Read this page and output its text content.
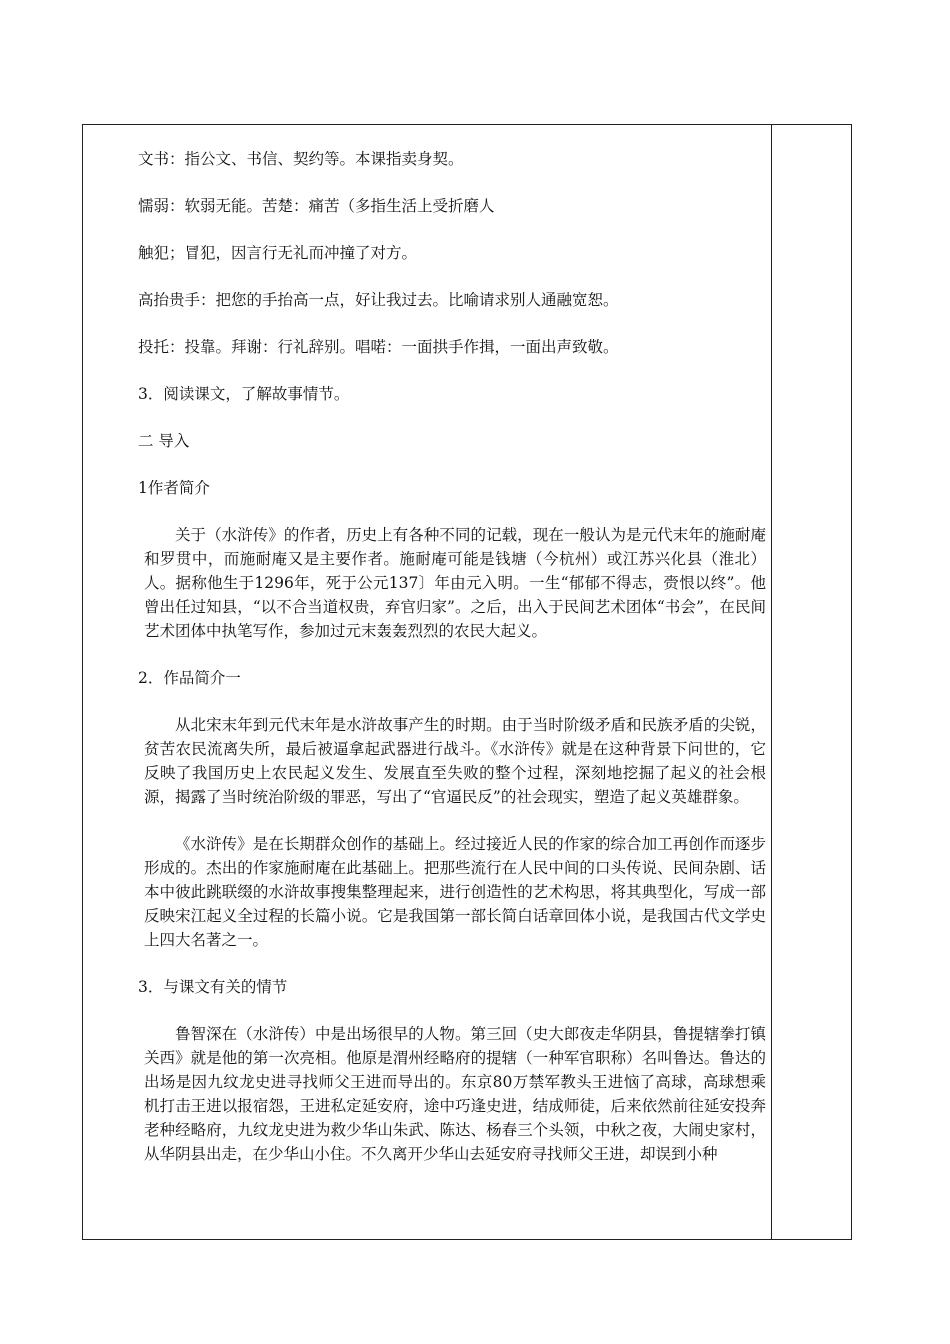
文书：指公文、书信、契约等。本课指卖身契。
懦弱：软弱无能。苦楚：痛苦（多指生活上受折磨人
触犯；冒犯，因言行无礼而冲撞了对方。
高抬贵手：把您的手抬高一点，好让我过去。比喻请求别人通融宽恕。
投托：投靠。拜谢：行礼辞别。唱喏：一面拱手作揖，一面出声致敬。
3．阅读课文，了解故事情节。
二 导入
1作者简介

关于（水浒传》的作者，历史上有各种不同的记载，现在一般认为是元代末年的施耐庵和罗贯中，而施耐庵又是主要作者。施耐庵可能是钱塘（今杭州）或江苏兴化县（淮北）人。据称他生于1296年，死于公元137〕年由元入明。一生“郁郁不得志，赍恨以终”。他曾出任过知县，“以不合当道权贵，弃官归家”。之后，出入于民间艺术团体“书会”，在民间艺术团体中执笔写作，参加过元末轰轰烈烈的农民大起义。

2．作品简介一

从北宋末年到元代末年是水浒故事产生的时期。由于当时阶级矛盾和民族矛盾的尖锐，贫苦农民流离失所，最后被逼拿起武器进行战斗。《水浒传》就是在这种背景下问世的，它反映了我国历史上农民起义发生、发展直至失败的整个过程，深刻地挖掘了起义的社会根源，揭露了当时统治阶级的罪恶，写出了“官逼民反”的社会现实，塑造了起义英雄群象。

《水浒传》是在长期群众创作的基础上。经过接近人民的作家的综合加工再创作而逐步形成的。杰出的作家施耐庵在此基础上。把那些流行在人民中间的口头传说、民间杂剧、话本中彼此跳联缀的水浒故事搜集整理起来，进行创造性的艺术构思，将其典型化，写成一部反映宋江起义全过程的长篇小说。它是我国第一部长简白话章回体小说，是我国古代文学史上四大名著之一。

3．与课文有关的情节

鲁智深在（水浒传）中是出场很早的人物。第三回（史大郎夜走华阴县，鲁提辖拳打镇关西》就是他的第一次亮相。他原是渭州经略府的提辖（一种军官职称）名叫鲁达。鲁达的出场是因九纹龙史进寻找师父王进而导出的。东京80万禁军教头王进恼了高球，高球想乘机打击王进以报宿怨，王进私定延安府，途中巧逢史进，结成师徒，后来依然前往延安投奔老种经略府，九纹龙史进为救少华山朱武、陈达、杨春三个头领，中秋之夜，大闹史家村，从华阴县出走，在少华山小住。不久离开少华山去延安府寻找师父王进，却误到小种
